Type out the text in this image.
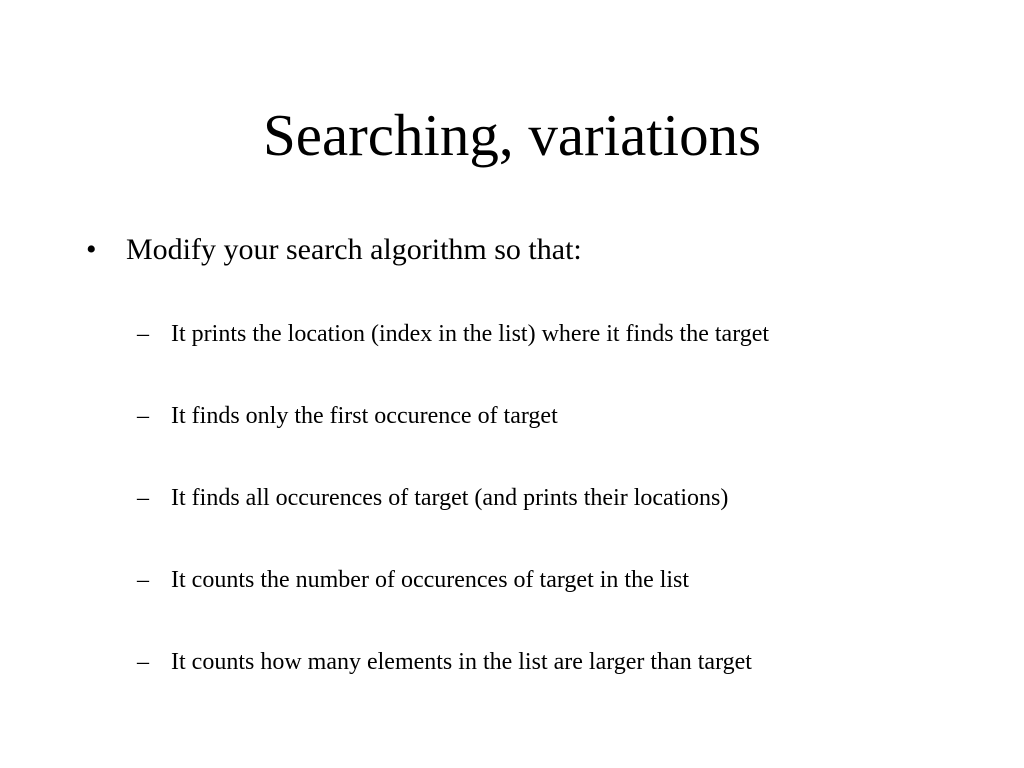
Searching, variations
• Modify your search algorithm so that:
– It prints the location (index in the list) where it finds the target
– It finds only the first occurence of target
– It finds all occurences of target (and prints their locations)
– It counts the number of occurences of target in the list
– It counts how many elements in the list are larger than target
